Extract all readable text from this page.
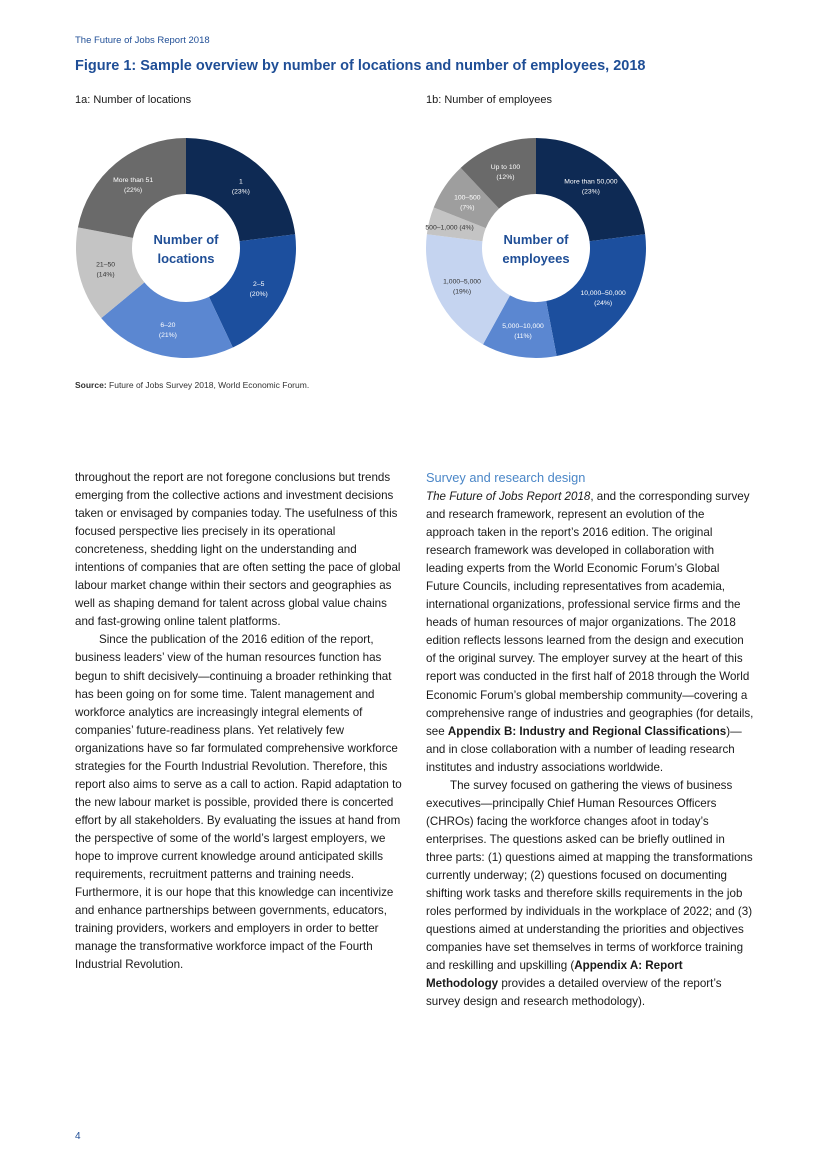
The Future of Jobs Report 2018
Figure 1: Sample overview by number of locations and number of employees, 2018
1a: Number of locations	1b: Number of employees
1
(23%)
2–5
(20%)
6–20
(21%)
21–50
(14%)
More than 51
(22%)
Number of
locations
More than 50,000
(23%)
10,000–50,000
(24%)
5,000–10,000
(11%)
1,000–5,000
(19%)
500–1,000 (4%)
100–500
(7%)
Up to 100
(12%)
Number of
employees
Source: Future of Jobs Survey 2018, World Economic Forum.

throughout the report are not foregone conclusions but trends emerging from the collective actions and investment decisions taken or envisaged by companies today. The usefulness of this focused perspective lies precisely in its operational concreteness, shedding light on the understanding and intentions of companies that are often setting the pace of global labour market change within their sectors and geographies as well as shaping demand for talent across global value chains and fast-growing online talent platforms.

Since the publication of the 2016 edition of the report, business leaders’ view of the human resources function has begun to shift decisively—continuing a broader rethinking that has been going on for some time. Talent management and workforce analytics are increasingly integral elements of companies’ future-readiness plans. Yet relatively few organizations have so far formulated comprehensive workforce strategies for the Fourth Industrial Revolution. Therefore, this report also aims to serve as a call to action. Rapid adaptation to the new labour market is possible, provided there is concerted effort by all stakeholders. By evaluating the issues at hand from the perspective of some of the world’s largest employers, we hope to improve current knowledge around anticipated skills requirements, recruitment patterns and training needs. Furthermore, it is our hope that this knowledge can incentivize and enhance partnerships between governments, educators, training providers, workers and employers in order to better manage the transformative workforce impact of the Fourth Industrial Revolution.

Survey and research design

The Future of Jobs Report 2018, and the corresponding survey and research framework, represent an evolution of the approach taken in the report’s 2016 edition. The original research framework was developed in collaboration with leading experts from the World Economic Forum’s Global Future Councils, including representatives from academia, international organizations, professional service firms and the heads of human resources of major organizations. The 2018 edition reflects lessons learned from the design and execution of the original survey. The employer survey at the heart of this report was conducted in the first half of 2018 through the World Economic Forum’s global membership community—covering a comprehensive range of industries and geographies (for details, see Appendix B: Industry and Regional Classifications)—and in close collaboration with a number of leading research institutes and industry associations worldwide.

The survey focused on gathering the views of business executives—principally Chief Human Resources Officers (CHROs) facing the workforce changes afoot in today’s enterprises. The questions asked can be briefly outlined in three parts: (1) questions aimed at mapping the transformations currently underway; (2) questions focused on documenting shifting work tasks and therefore skills requirements in the job roles performed by individuals in the workplace of 2022; and (3) questions aimed at understanding the priorities and objectives companies have set themselves in terms of workforce training and reskilling and upskilling (Appendix A: Report Methodology provides a detailed overview of the report’s survey design and research methodology).

4
